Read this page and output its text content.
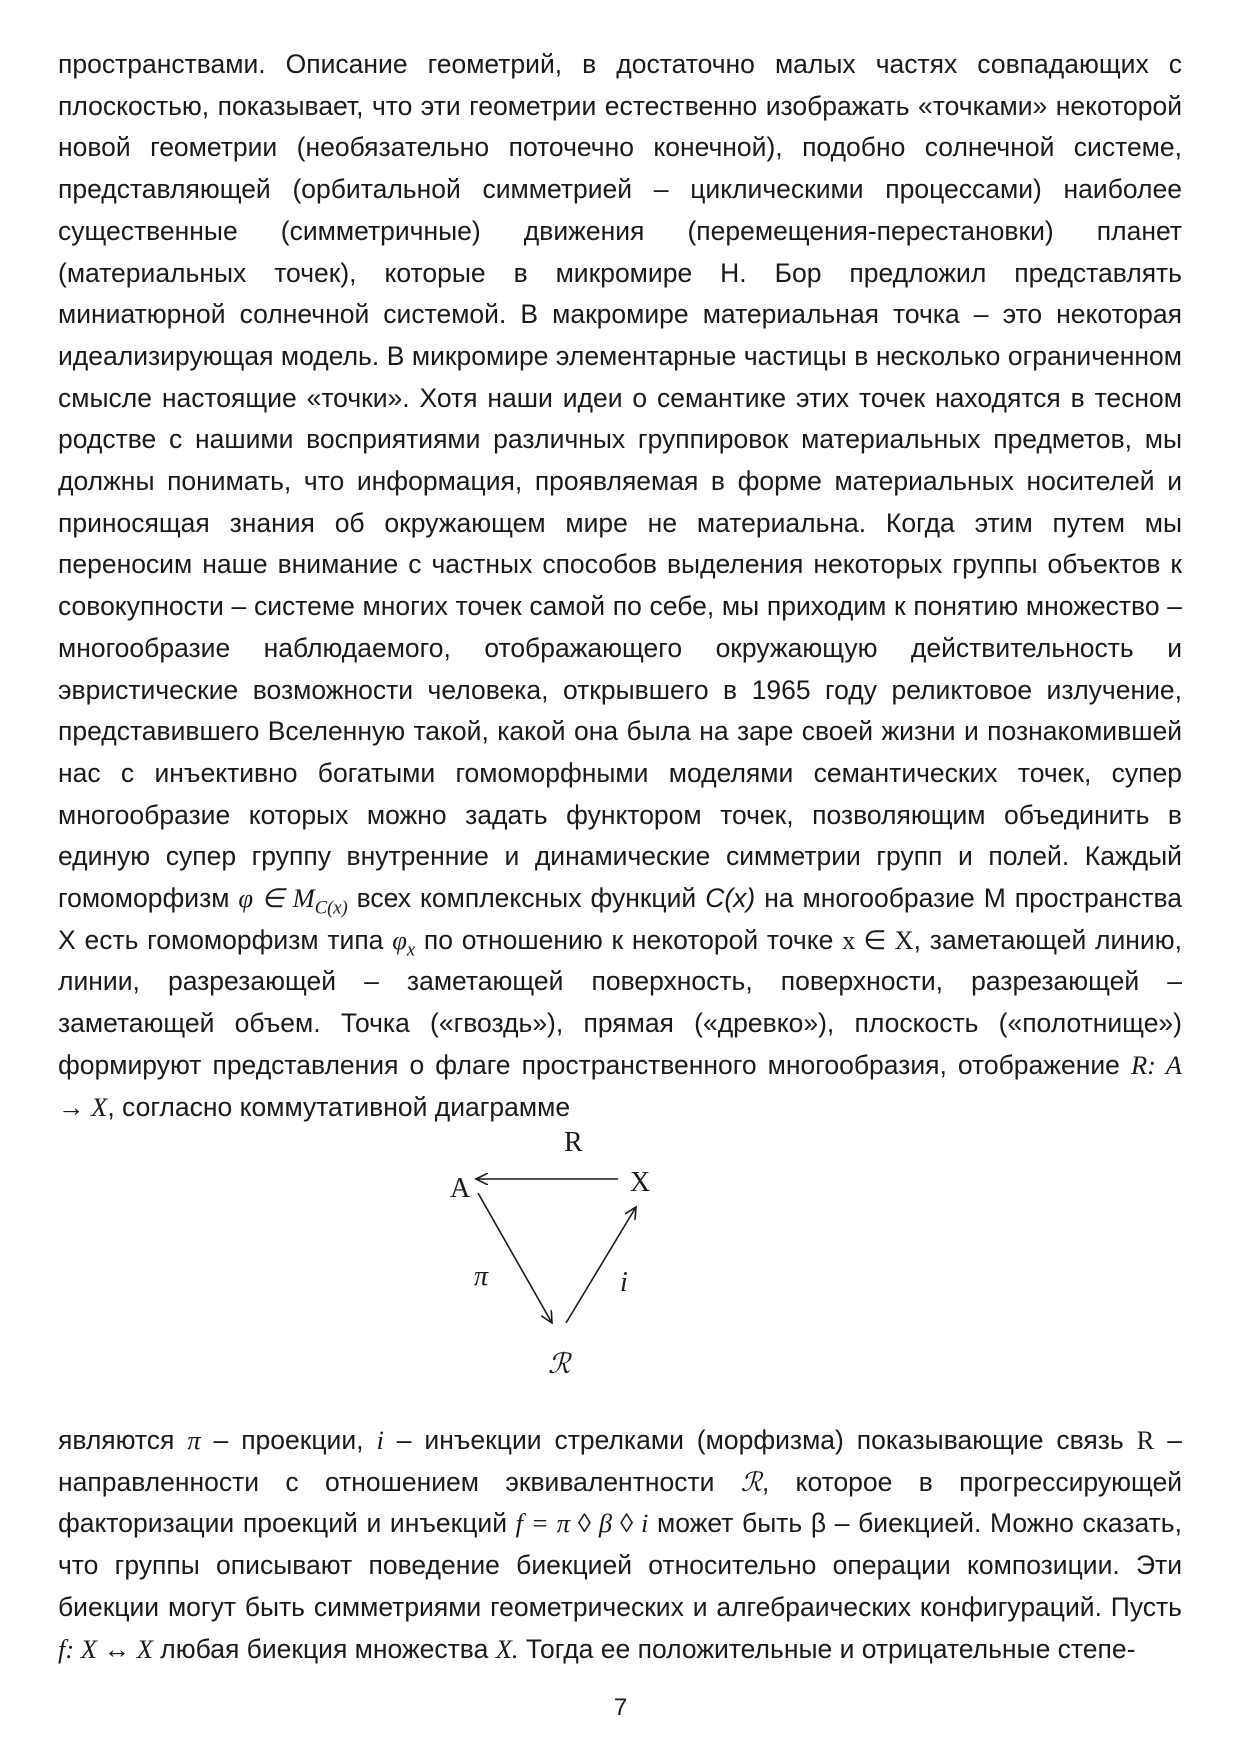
пространствами. Описание геометрий, в достаточно малых частях совпадающих с плоскостью, показывает, что эти геометрии естественно изображать «точками» некоторой новой геометрии (необязательно поточечно конечной), подобно солнечной системе, представляющей (орбитальной симметрией – циклическими процессами) наиболее существенные (симметричные) движения (перемещения-перестановки) планет (материальных точек), которые в микромире Н. Бор предложил представлять миниатюрной солнечной системой. В макромире материальная точка – это некоторая идеализирующая модель. В микромире элементарные частицы в несколько ограниченном смысле настоящие «точки». Хотя наши идеи о семантике этих точек находятся в тесном родстве с нашими восприятиями различных группировок материальных предметов, мы должны понимать, что информация, проявляемая в форме материальных носителей и приносящая знания об окружающем мире не материальна. Когда этим путем мы переносим наше внимание с частных способов выделения некоторых группы объектов к совокупности – системе многих точек самой по себе, мы приходим к понятию множество – многообразие наблюдаемого, отображающего окружающую действительность и эвристические возможности человека, открывшего в 1965 году реликтовое излучение, представившего Вселенную такой, какой она была на заре своей жизни и познакомившей нас с инъективно богатыми гомоморфными моделями семантических точек, супер многообразие которых можно задать функтором точек, позволяющим объединить в единую супер группу внутренние и динамические симметрии групп и полей. Каждый гомоморфизм φ ∈ $M_{C(x)}$ всех комплексных функций C(x) на многообразие М пространства Х есть гомоморфизм типа $\varphi_x$ по отношению к некоторой точке x ∈ X, заметающей линию, линии, разрезающей – заметающей поверхность, поверхности, разрезающей – заметающей объем. Точка («гвоздь»), прямая («древко»), плоскость («полотнище») формируют представления о флаге пространственного многообразия, отображение R: A → X, согласно коммутативной диаграмме

A	X
ℛ
R
π	i

являются π – проекции, i – инъекции стрелками (морфизма) показывающие связь R – направленности с отношением эквивалентности ℛ, которое в прогрессирующей факторизации проекций и инъекций f = π ◊ β ◊ i может быть β – биекцией. Можно сказать, что группы описывают поведение биекцией относительно операции композиции. Эти биекции могут быть симметриями геометрических и алгебраических конфигураций. Пусть f: X ↔ X любая биекция множества X. Тогда ее положительные и отрицательные степе-

7
